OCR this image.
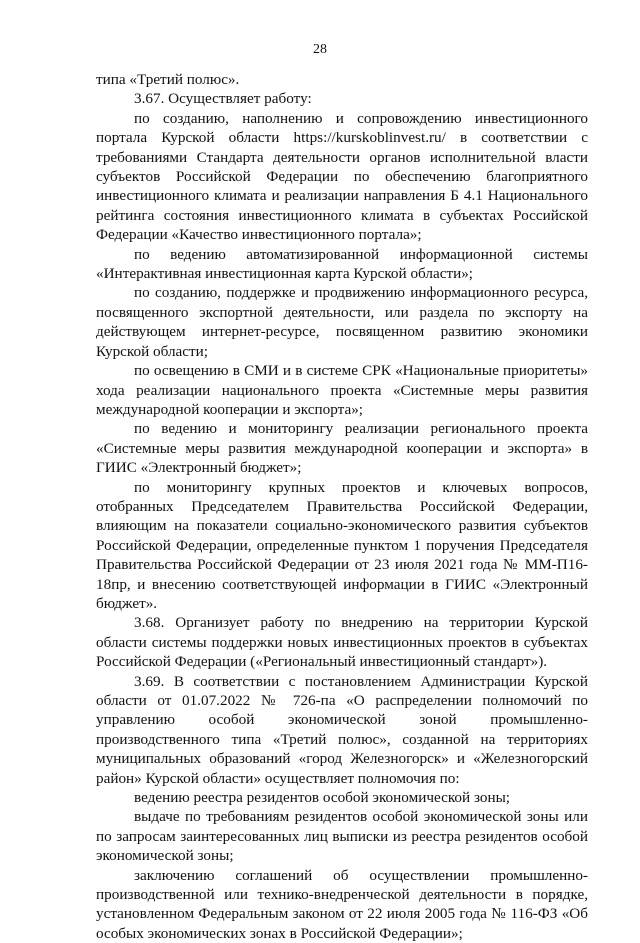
28

типа «Третий полюс».

3.67. Осуществляет работу:

по созданию, наполнению и сопровождению инвестиционного портала Курской области https://kurskoblinvest.ru/ в соответствии с требованиями Стандарта деятельности органов исполнительной власти субъектов Российской Федерации по обеспечению благоприятного инвестиционного климата и реализации направления Б 4.1 Национального рейтинга состояния инвестиционного климата в субъектах Российской Федерации «Качество инвестиционного портала»;

по ведению автоматизированной информационной системы «Интерактивная инвестиционная карта Курской области»;

по созданию, поддержке и продвижению информационного ресурса, посвященного экспортной деятельности, или раздела по экспорту на действующем интернет-ресурсе, посвященном развитию экономики Курской области;

по освещению в СМИ и в системе СРК «Национальные приоритеты» хода реализации национального проекта «Системные меры развития международной кооперации и экспорта»;

по ведению и мониторингу реализации регионального проекта «Системные меры развития международной кооперации и экспорта» в ГИИС «Электронный бюджет»;

по мониторингу крупных проектов и ключевых вопросов, отобранных Председателем Правительства Российской Федерации, влияющим на показатели социально-экономического развития субъектов Российской Федерации, определенные пунктом 1 поручения Председателя Правительства Российской Федерации от 23 июля 2021 года № ММ-П16-18пр, и внесению соответствующей информации в ГИИС «Электронный бюджет».

3.68. Организует работу по внедрению на территории Курской области системы поддержки новых инвестиционных проектов в субъектах Российской Федерации («Региональный инвестиционный стандарт»).

3.69. В соответствии с постановлением Администрации Курской области от 01.07.2022 № 726-па «О распределении полномочий по управлению особой экономической зоной промышленно-производственного типа «Третий полюс», созданной на территориях муниципальных образований «город Железногорск» и «Железногорский район» Курской области» осуществляет полномочия по:

ведению реестра резидентов особой экономической зоны;

выдаче по требованиям резидентов особой экономической зоны или по запросам заинтересованных лиц выписки из реестра резидентов особой экономической зоны;

заключению соглашений об осуществлении промышленно-производственной или технико-внедренческой деятельности в порядке, установленном Федеральным законом от 22 июля 2005 года № 116-ФЗ «Об особых экономических зонах в Российской Федерации»;
